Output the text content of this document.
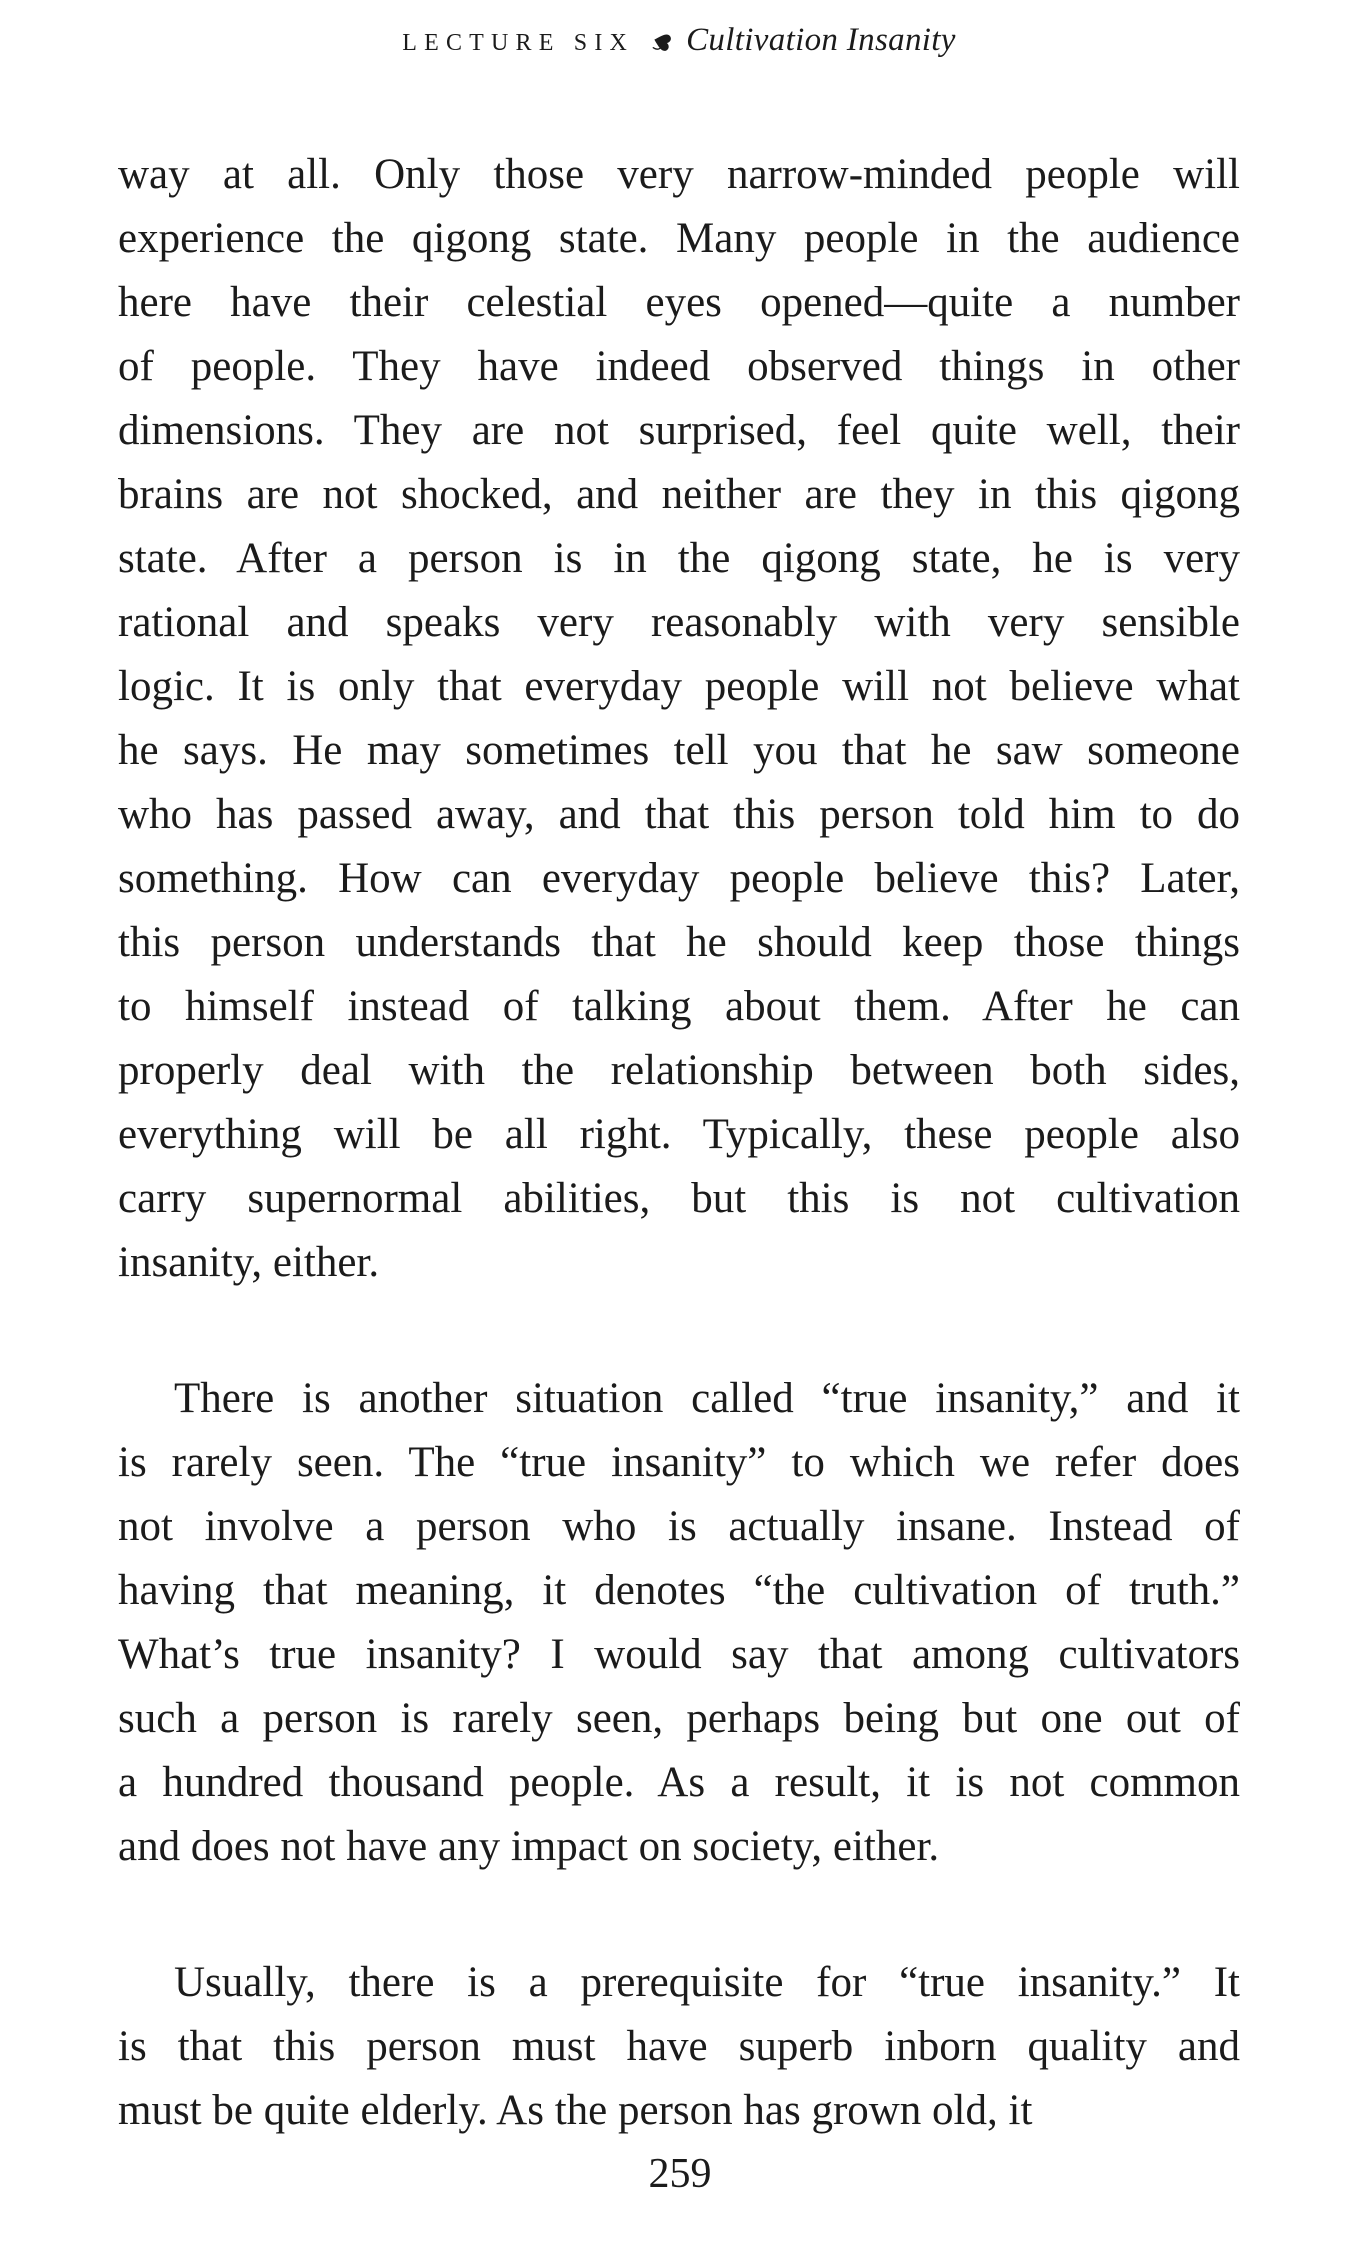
LECTURE SIX Cultivation Insanity
way at all. Only those very narrow-minded people will
experience the qigong state. Many people in the audience
here have their celestial eyes opened—quite a number
of people. They have indeed observed things in other
dimensions. They are not surprised, feel quite well, their
brains are not shocked, and neither are they in this qigong
state. After a person is in the qigong state, he is very
rational and speaks very reasonably with very sensible
logic. It is only that everyday people will not believe what
he says. He may sometimes tell you that he saw someone
who has passed away, and that this person told him to do
something. How can everyday people believe this? Later,
this person understands that he should keep those things
to himself instead of talking about them. After he can
properly deal with the relationship between both sides,
everything will be all right. Typically, these people also
carry supernormal abilities, but this is not cultivation
insanity, either.
There is another situation called “true insanity,” and it
is rarely seen. The “true insanity” to which we refer does
not involve a person who is actually insane. Instead of
having that meaning, it denotes “the cultivation of truth.”
What’s true insanity? I would say that among cultivators
such a person is rarely seen, perhaps being but one out of
a hundred thousand people. As a result, it is not common
and does not have any impact on society, either.
Usually, there is a prerequisite for “true insanity.” It
is that this person must have superb inborn quality and
must be quite elderly. As the person has grown old, it
259
